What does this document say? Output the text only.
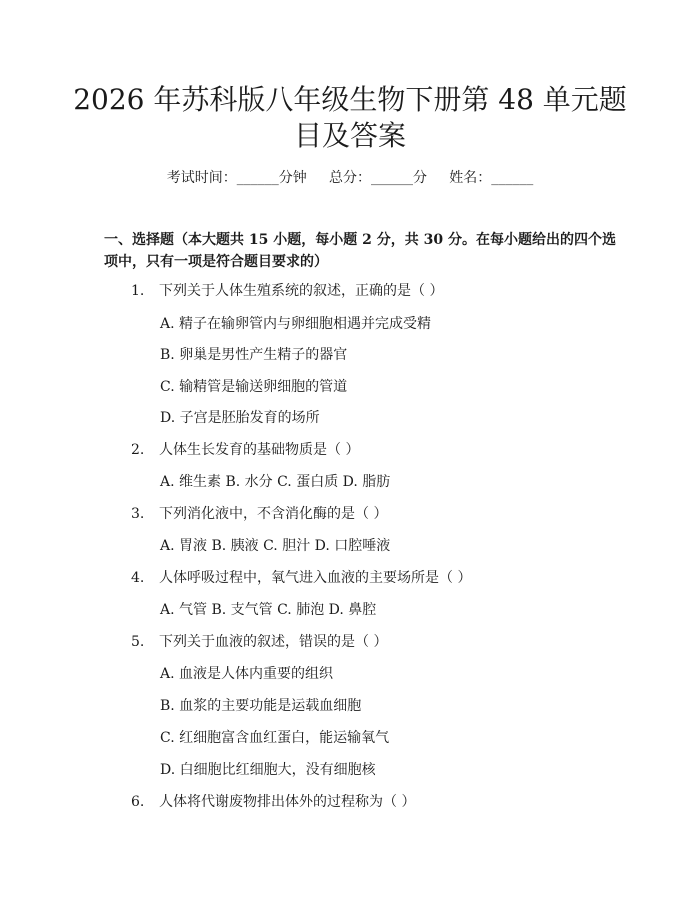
2026 年苏科版八年级生物下册第 48 单元题
目及答案
考试时间：______分钟     总分：______分     姓名：______
一、选择题（本大题共 15 小题，每小题 2 分，共 30 分。在每小题给出的四个选项中，只有一项是符合题目要求的）
1. 下列关于人体生殖系统的叙述，正确的是（ ）
A. 精子在输卵管内与卵细胞相遇并完成受精
B. 卵巢是男性产生精子的器官
C. 输精管是输送卵细胞的管道
D. 子宫是胚胎发育的场所
2. 人体生长发育的基础物质是（ ）
A. 维生素 B. 水分 C. 蛋白质 D. 脂肪
3. 下列消化液中，不含消化酶的是（ ）
A. 胃液 B. 胰液 C. 胆汁 D. 口腔唾液
4. 人体呼吸过程中，氧气进入血液的主要场所是（ ）
A. 气管 B. 支气管 C. 肺泡 D. 鼻腔
5. 下列关于血液的叙述，错误的是（ ）
A. 血液是人体内重要的组织
B. 血浆的主要功能是运载血细胞
C. 红细胞富含血红蛋白，能运输氧气
D. 白细胞比红细胞大，没有细胞核
6. 人体将代谢废物排出体外的过程称为（ ）
